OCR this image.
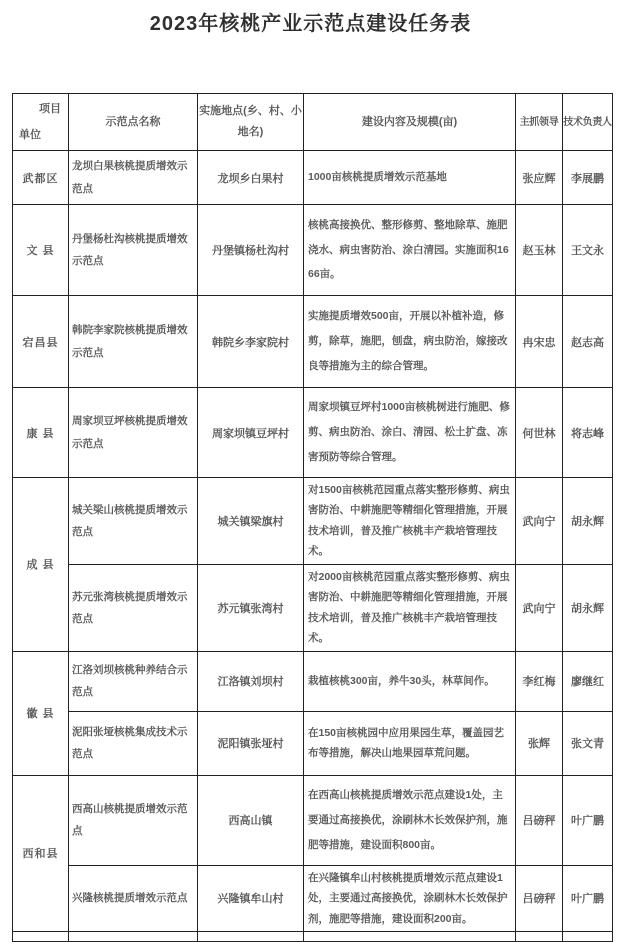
2023年核桃产业示范点建设任务表
项目
单位	示范点名称	实施地点(乡、村、小地名)	建设内容及规模(亩)	主抓领导	技术负责人
武都区	龙坝白果核桃提质增效示范点	龙坝乡白果村	1000亩核桃提质增效示范基地	张应辉	李展鹏
文 县	丹堡杨杜沟核桃提质增效示范点	丹堡镇杨杜沟村	核桃高接换优、整形修剪、整地除草、施肥浇水、病虫害防治、涂白清园。实施面积1666亩。	赵玉林	王文永
宕昌县	韩院李家院核桃提质增效示范点	韩院乡李家院村	实施提质增效500亩，开展以补植补造，修剪，除草，施肥，刨盘，病虫防治，嫁接改良等措施为主的综合管理。	冉宋忠	赵志高
康 县	周家坝豆坪核桃提质增效示范点	周家坝镇豆坪村	周家坝镇豆坪村1000亩核桃树进行施肥、修剪、病虫防治、涂白、清园、松土扩盘、冻害预防等综合管理。	何世林	将志峰
成 县	城关梁山核桃提质增效示范点	城关镇梁旗村	对1500亩核桃范园重点落实整形修剪、病虫害防治、中耕施肥等精细化管理措施，开展技术培训，普及推广核桃丰产栽培管理技术。	武向宁	胡永辉
	苏元张湾核桃提质增效示范点	苏元镇张湾村	对2000亩核桃范园重点落实整形修剪、病虫害防治、中耕施肥等精细化管理措施，开展技术培训，普及推广核桃丰产栽培管理技术。	武向宁	胡永辉
徽 县	江洛刘坝核桃种养结合示范点	江洛镇刘坝村	栽植核桃300亩，养牛30头，林草间作。	李红梅	廖继红
	泥阳张垭核桃集成技术示范点	泥阳镇张垭村	在150亩核桃园中应用果园生草，覆盖园艺布等措施，解决山地果园草荒问题。	张辉	张文青
西和县	西高山核桃提质增效示范点	西高山镇	在西高山核桃提质增效示范点建设1处，主要通过高接换优，涂刷林木长效保护剂，施肥等措施，建设面积800亩。	吕磅秤	叶广鹏
	兴隆核桃提质增效示范点	兴隆镇牟山村	在兴隆镇牟山村核桃提质增效示范点建设1处，主要通过高接换优，涂刷林木长效保护剂，施肥等措施，建设面积200亩。	吕磅秤	叶广鹏
